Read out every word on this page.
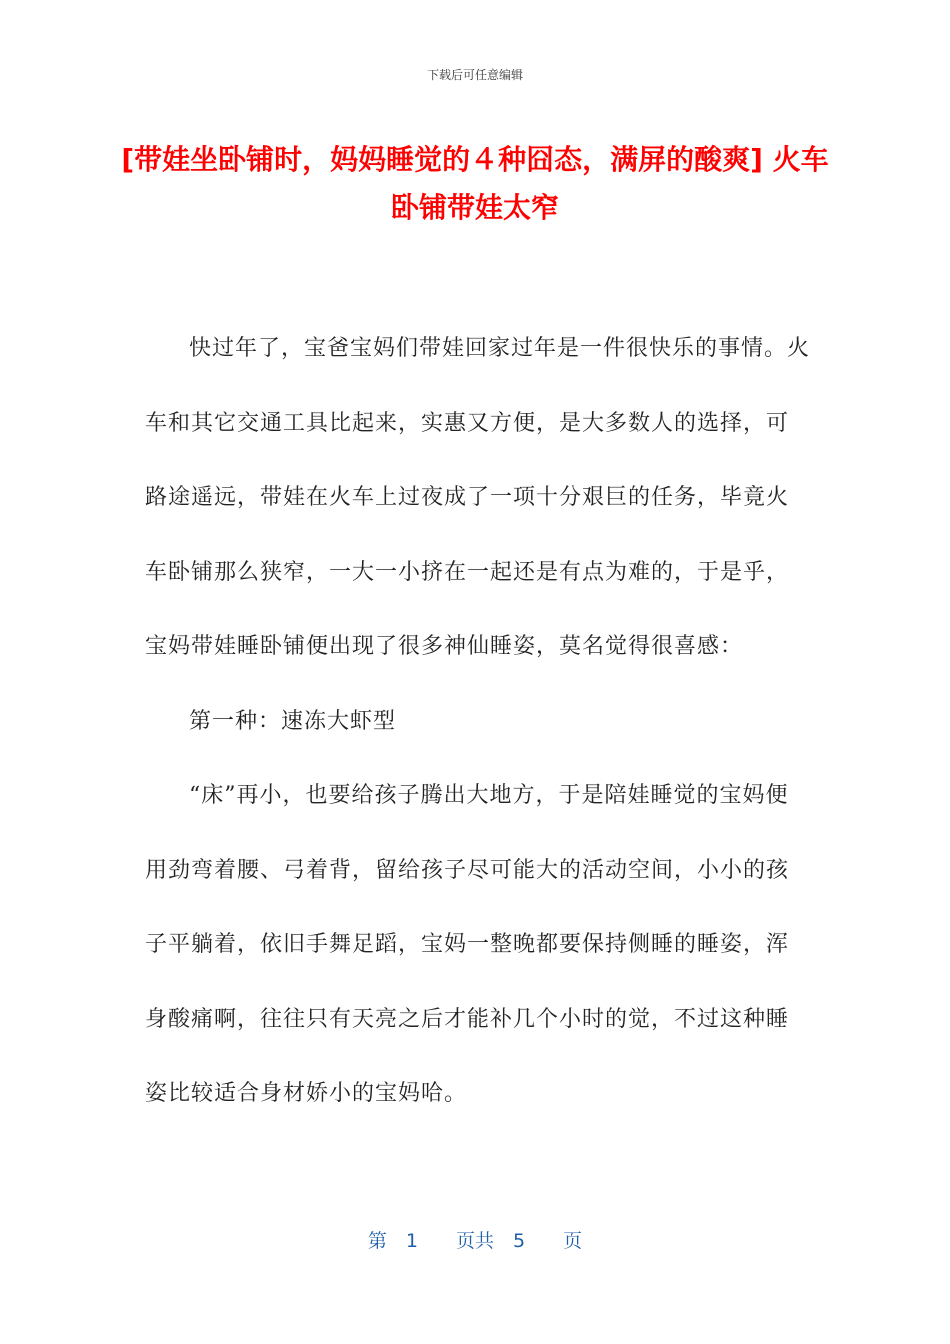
下载后可任意编辑
[带娃坐卧铺时，妈妈睡觉的４种囧态，满屏的酸爽] 火车卧铺带娃太窄

快过年了，宝爸宝妈们带娃回家过年是一件很快乐的事情。火车和其它交通工具比起来，实惠又方便，是大多数人的选择，可路途遥远，带娃在火车上过夜成了一项十分艰巨的任务，毕竟火车卧铺那么狭窄，一大一小挤在一起还是有点为难的，于是乎，宝妈带娃睡卧铺便出现了很多神仙睡姿，莫名觉得很喜感：

第一种：速冻大虾型

“床”再小，也要给孩子腾出大地方，于是陪娃睡觉的宝妈便用劲弯着腰、弓着背，留给孩子尽可能大的活动空间，小小的孩子平躺着，依旧手舞足蹈，宝妈一整晚都要保持侧睡的睡姿，浑身酸痛啊，往往只有天亮之后才能补几个小时的觉，不过这种睡姿比较适合身材娇小的宝妈哈。

第　1　　页共　5　　页
